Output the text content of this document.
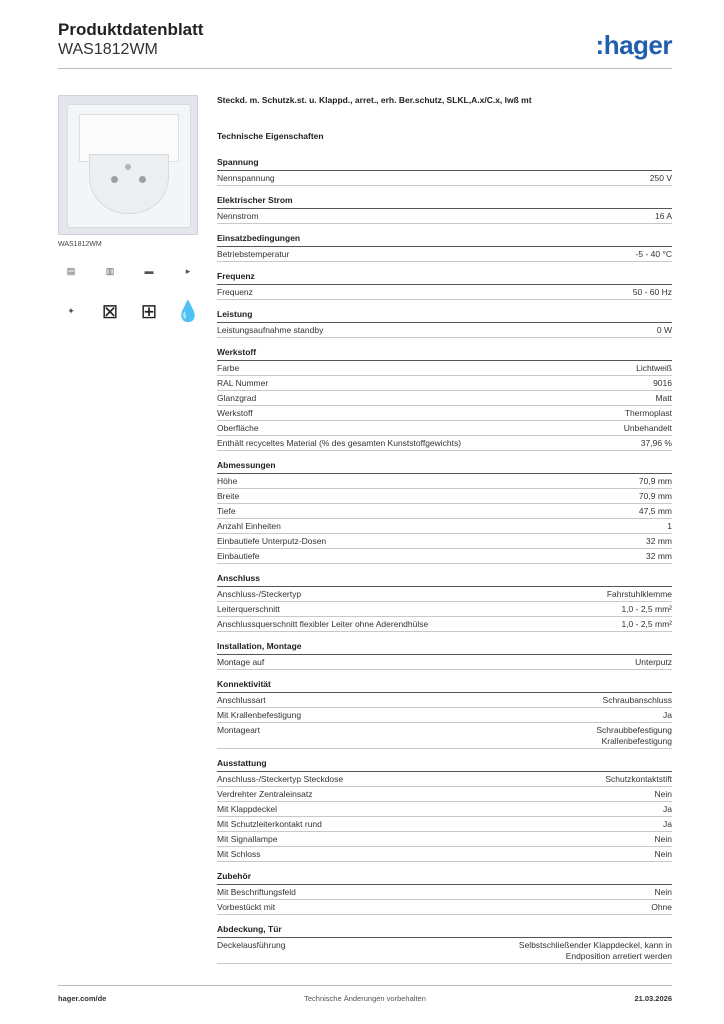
Produktdatenblatt
WAS1812WM	:hager
WAS1812WM
▤	▥	▬	▸
✦	⊠ ⊞ 💧
Steckd. m. Schutzk.st. u. Klappd., arret., erh. Ber.schutz, SLKL,A.x/C.x, lwß mt
Technische Eigenschaften
Spannung
Nennspannung	250 V
Elektrischer Strom
Nennstrom	16 A
Einsatzbedingungen
Betriebstemperatur	-5 - 40 °C
Frequenz
Frequenz	50 - 60 Hz
Leistung
Leistungsaufnahme standby	0 W
Werkstoff
Farbe	Lichtweiß
RAL Nummer	9016
Glanzgrad	Matt
Werkstoff	Thermoplast
Oberfläche	Unbehandelt
Enthält recyceltes Material (% des gesamten Kunststoffgewichts)	37,96 %
Abmessungen
Höhe	70,9 mm
Breite	70,9 mm
Tiefe	47,5 mm
Anzahl Einheiten	1
Einbautiefe Unterputz-Dosen	32 mm
Einbautiefe	32 mm
Anschluss
Anschluss-/Steckertyp	Fahrstuhlklemme
Leiterquerschnitt	1,0 - 2,5 mm²
Anschlussquerschnitt flexibler Leiter ohne Aderendhülse	1,0 - 2,5 mm²
Installation, Montage
Montage auf	Unterputz
Konnektivität
Anschlussart	Schraubanschluss
Mit Krallenbefestigung	Ja
Montageart	Schraubbefestigung
Krallenbefestigung
Ausstattung
Anschluss-/Steckertyp Steckdose	Schutzkontaktstift
Verdrehter Zentraleinsatz	Nein
Mit Klappdeckel	Ja
Mit Schutzleiterkontakt rund	Ja
Mit Signallampe	Nein
Mit Schloss	Nein
Zubehör
Mit Beschriftungsfeld	Nein
Vorbestückt mit	Ohne
Abdeckung, Tür
Deckelausführung	Selbstschließender Klappdeckel, kann in
Endposition arretiert werden
hager.com/de	Technische Änderungen vorbehalten	21.03.2026
